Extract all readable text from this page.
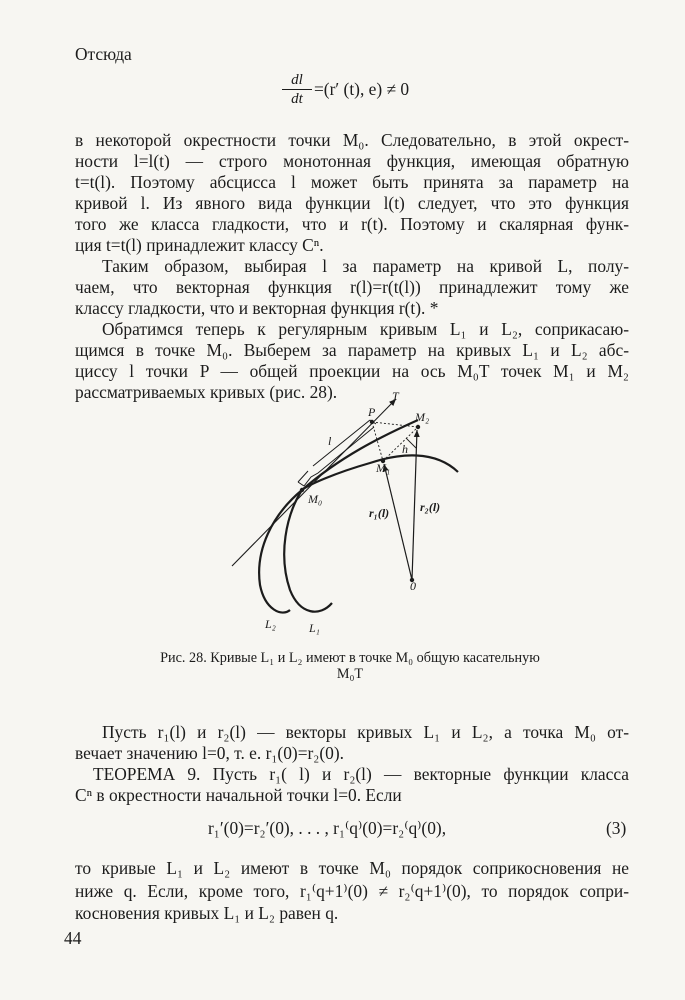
Отсюда
$\frac{dl}{dt} =(r'$ (t), e) ≠ 0
в некоторой окрестности точки M₀. Следовательно, в этой окрест-
ности l=l(t) — строго монотонная функция, имеющая обратную
t=t(l). Поэтому абсцисса l может быть принята за параметр на
кривой l. Из явного вида функции l(t) следует, что это функция
того же класса гладкости, что и r(t). Поэтому и скалярная функ-
ция t=t(l) принадлежит классу Cⁿ.
Таким образом, выбирая l за параметр на кривой L, полу-
чаем, что векторная функция r(l)=r(t(l)) принадлежит тому же
классу гладкости, что и векторная функция r(t). *
Обратимся теперь к регулярным кривым L₁ и L₂, соприкасаю-
щимся в точке M₀. Выберем за параметр на кривых L₁ и L₂ абс-
циссу l точки P — общей проекции на ось M₀T точек M₁ и M₂
рассматриваемых кривых (рис. 28).
P
T
M₂
l
h
M₁
M₀
r₁(l)	r₂(l)
0
L₂	L₁
Рис. 28. Кривые L₁ и L₂ имеют в точке M₀ общую касательную
M₀T
Пусть r₁(l) и r₂(l) — векторы кривых L₁ и L₂, а точка M₀ от-
вечает значению l=0, т. е. r₁(0)=r₂(0).
ТЕОРЕМА 9. Пусть r₁( l) и r₂(l) — векторные функции класса
Cⁿ в окрестности начальной точки l=0. Если
r₁′(0)=r₂′(0), . . . , r₁⁽q⁾(0)=r₂⁽q⁾(0),	(3)
то кривые L₁ и L₂ имеют в точке M₀ порядок соприкосновения не
ниже q. Если, кроме того, r₁⁽q+1⁾(0) ≠ r₂⁽q+1⁾(0), то порядок сопри-
косновения кривых L₁ и L₂ равен q.
44
